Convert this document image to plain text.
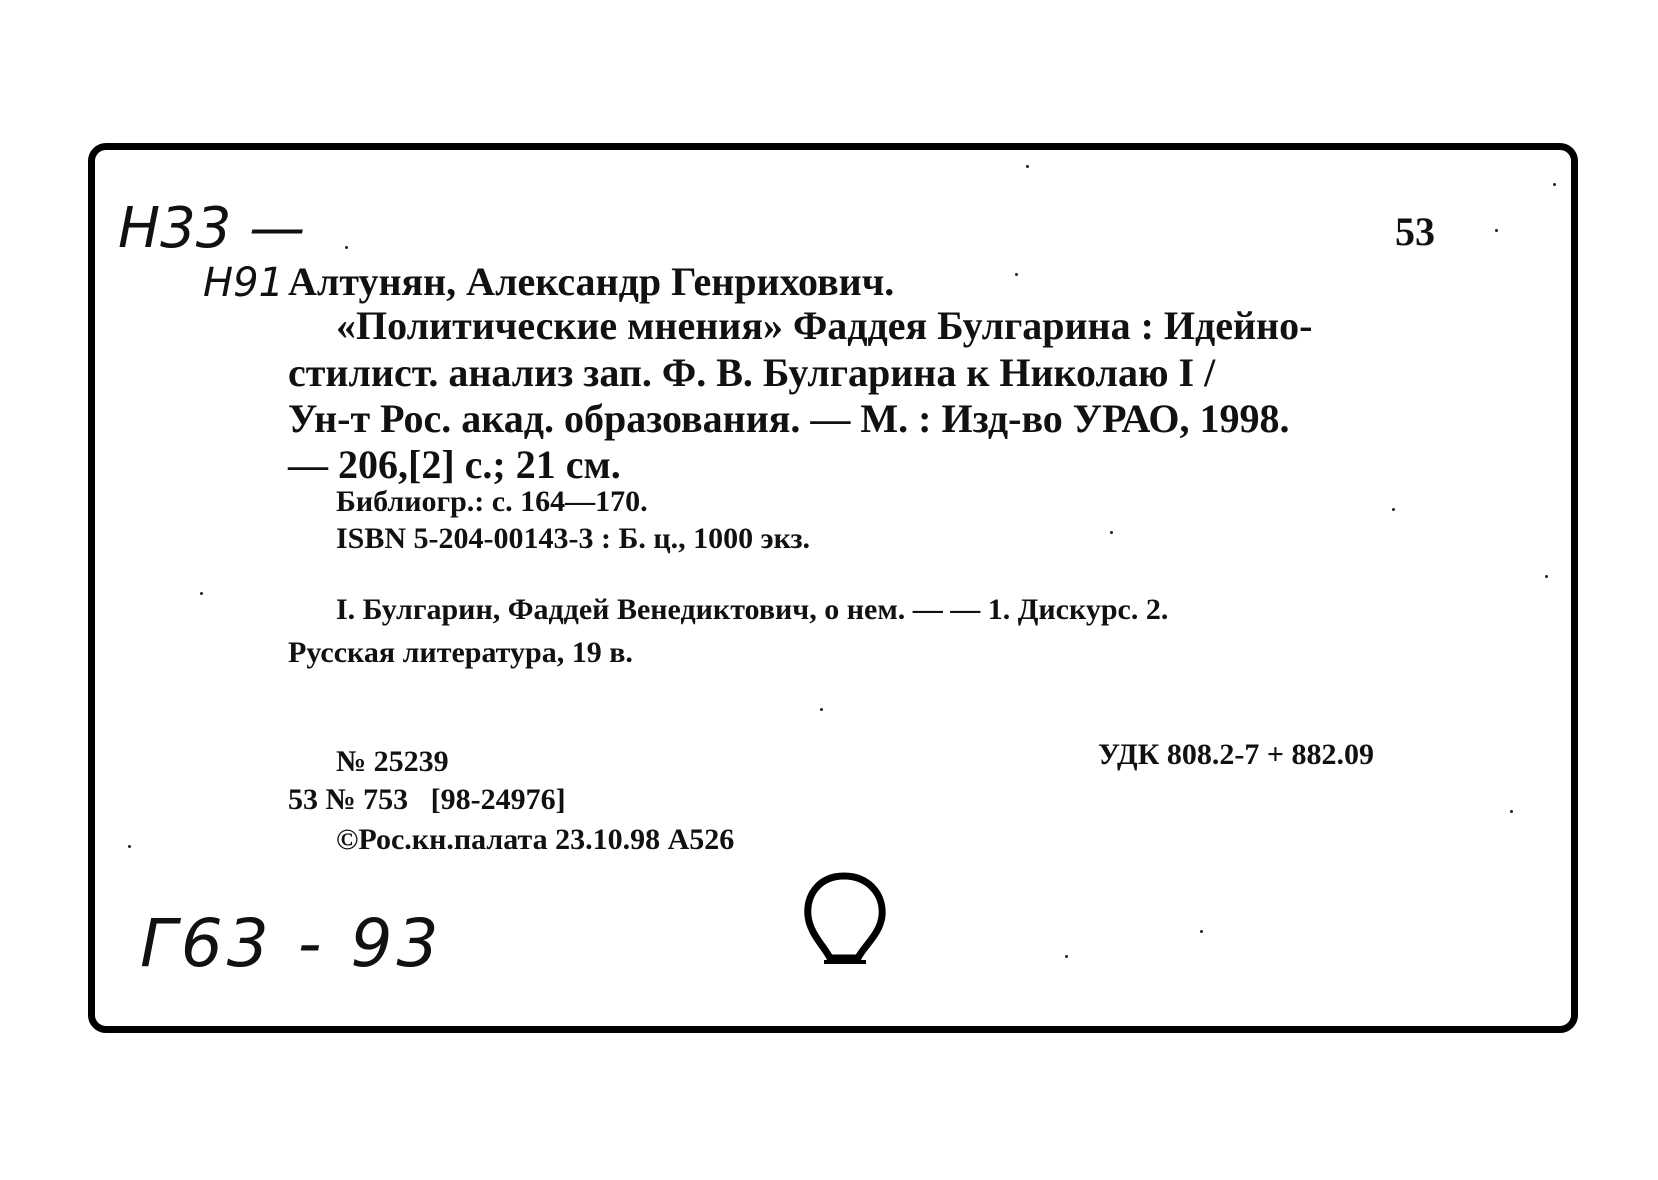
Н33 —
Н91
Г63 - 93
53
Алтунян, Александр Генрихович.
«Политические мнения» Фаддея Булгарина : Идейно-
стилист. анализ зап. Ф. В. Булгарина к Николаю I /
Ун-т Рос. акад. образования. — М. : Изд-во УРАО, 1998.
— 206,[2] с.; 21 см.
Библиогр.: с. 164—170.
ISBN 5-204-00143-3 : Б. ц., 1000 экз.
I. Булгарин, Фаддей Венедиктович, о нем. — — 1. Дискурс. 2.
Русская литература, 19 в.
№ 25239	УДК 808.2-7 + 882.09
53 № 753   [98-24976]
©Рос.кн.палата 23.10.98 А526
